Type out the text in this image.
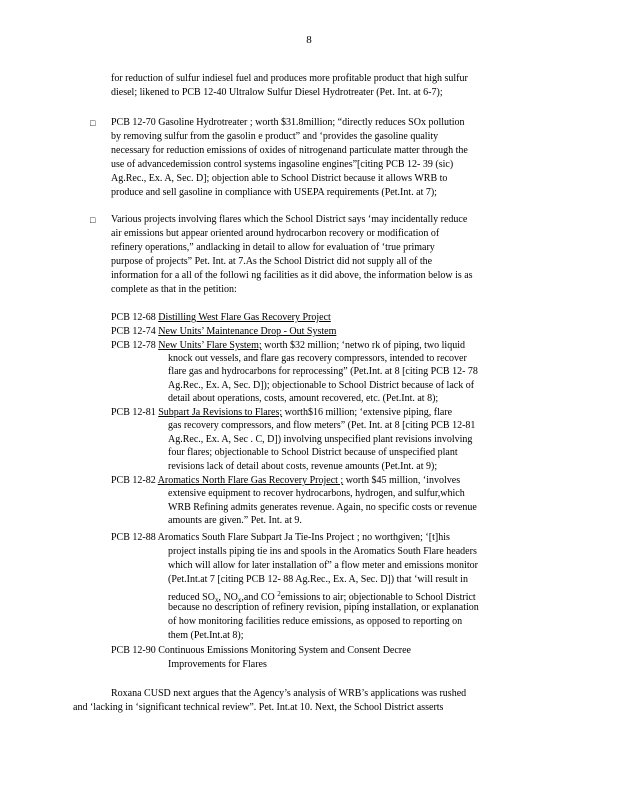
8
for reduction of sulfur indiesel fuel and produces more profitable product that high sulfur
diesel; likened to PCB 12-40 Ultralow Sulfur Diesel Hydrotreater (Pet. Int. at 6-7);
□ PCB 12-70 Gasoline Hydrotreater ; worth $31.8million; “directly reduces SOx pollution
by removing sulfur from the gasolin e product” and ‘provides the gasoline quality
necessary for reduction emissions of oxides of nitrogenand particulate matter through the
use of advancedemission control systems ingasoline engines”[citing PCB 12- 39 (sic)
Ag.Rec., Ex. A, Sec. D]; objection able to School District because it allows WRB to
produce and sell gasoline in compliance with USEPA requirements (Pet.Int. at 7);
□ Various projects involving flares which the School District says ‘may incidentally reduce
air emissions but appear oriented around hydrocarbon recovery or modification of
refinery operations,” andlacking in detail to allow for evaluation of ‘true primary
purpose of projects” Pet. Int. at 7.As the School District did not supply all of the
information for a all of the followi ng facilities as it did above, the information below is as
complete as that in the petition:
PCB 12-68 Distilling West Flare Gas Recovery Project
PCB 12-74 New Units’ Maintenance Drop - Out System
PCB 12-78 New Units’ Flare System; worth $32 million; ‘netwo rk of piping, two liquid
knock out vessels, and flare gas recovery compressors, intended to recover
flare gas and hydrocarbons for reprocessing” (Pet.Int. at 8 [citing PCB 12- 78
Ag.Rec., Ex. A, Sec. D]); objectionable to School District because of lack of
detail about operations, costs, amount recovered, etc. (Pet.Int. at 8);
PCB 12-81 Subpart Ja Revisions to Flares; worth$16 million; ‘extensive piping, flare
gas recovery compressors, and flow meters” (Pet. Int. at 8 [citing PCB 12-81
Ag.Rec., Ex. A, Sec . C, D]) involving unspecified plant revisions involving
four flares; objectionable to School District because of unspecified plant
revisions lack of detail about costs, revenue amounts (Pet.Int. at 9);
PCB 12-82 Aromatics North Flare Gas Recovery Project ; worth $45 million, ‘involves
extensive equipment to recover hydrocarbons, hydrogen, and sulfur,which
WRB Refining admits generates revenue. Again, no specific costs or revenue
amounts are given.” Pet. Int. at 9.
PCB 12-88 Aromatics South Flare Subpart Ja Tie-Ins Project ; no worthgiven; ‘[t]his
project installs piping tie ins and spools in the Aromatics South Flare headers
which will allow for later installation of” a flow meter and emissions monitor
(Pet.Int.at 7 [citing PCB 12- 88 Ag.Rec., Ex. A, Sec. D]) that ‘will result in
reduced $SO_x$, $NO_x,and$ CO $^2$emissions to air; objectionable to School District
because no description of refinery revision, piping installation, or explanation
of how monitoring facilities reduce emissions, as opposed to reporting on
them (Pet.Int.at 8);
PCB 12-90 Continuous Emissions Monitoring System and Consent Decree
Improvements for Flares
Roxana CUSD next argues that the Agency’s analysis of WRB’s applications was rushed
and ‘lacking in ‘significant technical review”. Pet. Int.at 10. Next, the School District asserts
